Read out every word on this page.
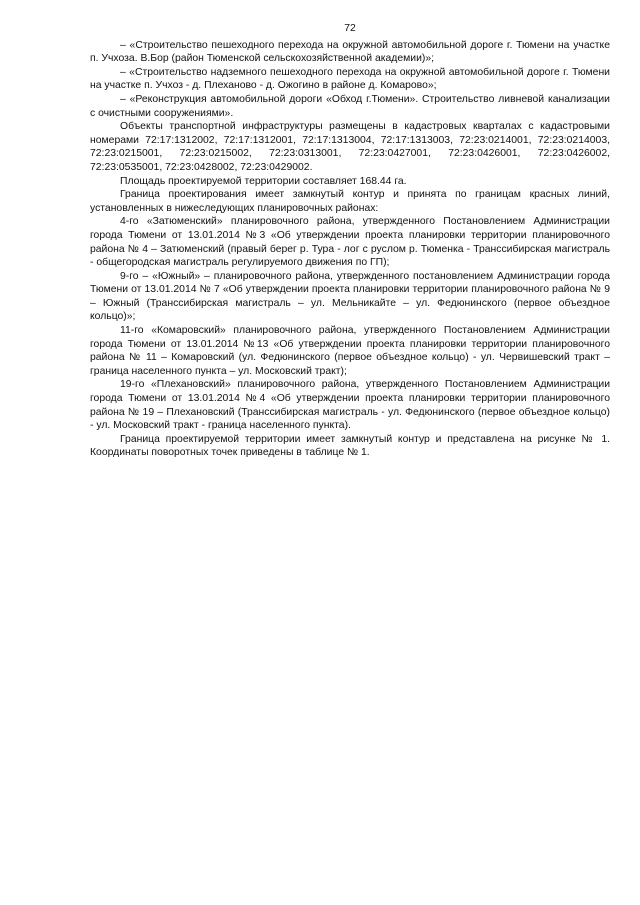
72

– «Строительство пешеходного перехода на окружной автомобильной дороге г. Тюмени на участке п. Учхоза. В.Бор (район Тюменской сельскохозяйственной академии)»;

– «Строительство надземного пешеходного перехода на окружной автомобильной дороге г. Тюмени на участке п. Учхоз - д. Плеханово - д. Ожогино в районе д. Комарово»;

– «Реконструкция автомобильной дороги «Обход г.Тюмени». Строительство ливневой канализации с очистными сооружениями».

Объекты транспортной инфраструктуры размещены в кадастровых кварталах с кадастровыми номерами 72:17:1312002, 72:17:1312001, 72:17:1313004, 72:17:1313003, 72:23:0214001, 72:23:0214003, 72:23:0215001, 72:23:0215002, 72:23:0313001, 72:23:0427001, 72:23:0426001, 72:23:0426002, 72:23:0535001, 72:23:0428002, 72:23:0429002.

Площадь проектируемой территории составляет 168.44 га.

Граница проектирования имеет замкнутый контур и принята по границам красных линий, установленных в нижеследующих планировочных районах:

4-го «Затюменский» планировочного района, утвержденного Постановлением Администрации города Тюмени от 13.01.2014 №3 «Об утверждении проекта планировки территории планировочного района № 4 – Затюменский (правый берег р. Тура - лог с руслом р. Тюменка - Транссибирская магистраль - общегородская магистраль регулируемого движения по ГП);

9-го – «Южный» – планировочного района, утвержденного постановлением Администрации города Тюмени от 13.01.2014 № 7 «Об утверждении проекта планировки территории планировочного района № 9 – Южный (Транссибирская магистраль – ул. Мельникайте – ул. Федюнинского (первое объездное кольцо)»;

11-го «Комаровский» планировочного района, утвержденного Постановлением Администрации города Тюмени от 13.01.2014 №13 «Об утверждении проекта планировки территории планировочного района № 11 – Комаровский (ул. Федюнинского (первое объездное кольцо) - ул. Червишевский тракт – граница населенного пункта – ул. Московский тракт);

19-го «Плехановский» планировочного района, утвержденного Постановлением Администрации города Тюмени от 13.01.2014 №4 «Об утверждении проекта планировки территории планировочного района № 19 – Плехановский (Транссибирская магистраль - ул. Федюнинского (первое объездное кольцо) - ул. Московский тракт - граница населенного пункта).

Граница проектируемой территории имеет замкнутый контур и представлена на рисунке № 1. Координаты поворотных точек приведены в таблице № 1.
